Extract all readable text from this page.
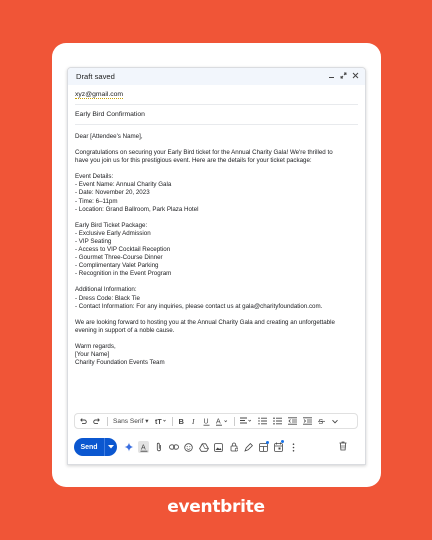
Draft saved
xyz@gmail.com
Early Bird Confirmation

Dear [Attendee's Name],

Congratulations on securing your Early Bird ticket for the Annual Charity Gala! We're thrilled to
have you join us for this prestigious event. Here are the details for your ticket package:

Event Details:
- Event Name: Annual Charity Gala
- Date: November 20, 2023
- Time: 6–11pm
- Location: Grand Ballroom, Park Plaza Hotel

Early Bird Ticket Package:
- Exclusive Early Admission
- VIP Seating
- Access to VIP Cocktail Reception
- Gourmet Three-Course Dinner
- Complimentary Valet Parking
- Recognition in the Event Program

Additional Information:
- Dress Code: Black Tie
- Contact Information: For any inquiries, please contact us at gala@charityfoundation.com.

We are looking forward to hosting you at the Annual Charity Gala and creating an unforgettable
evening in support of a noble cause.

Warm regards,
[Your Name]
Charity Foundation Events Team

Sans Serif ▾ tT B I U A	S
Send	A
eventbrite
